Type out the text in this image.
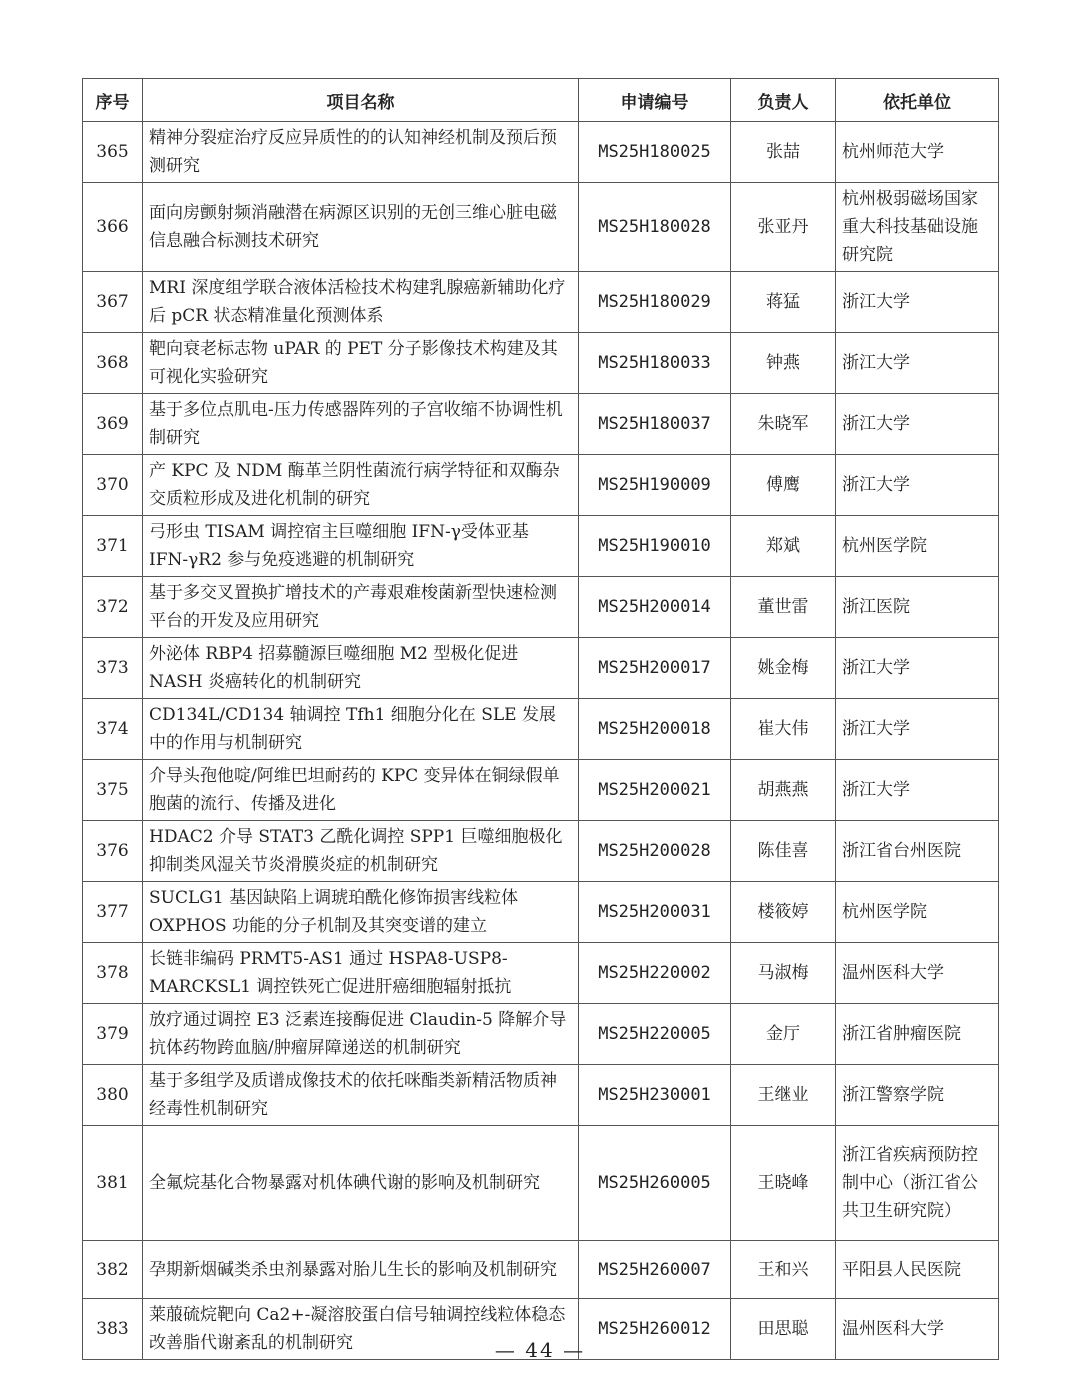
序号	项目名称	申请编号	负责人	依托单位
365	精神分裂症治疗反应异质性的的认知神经机制及预后预测研究	MS25H180025	张喆	杭州师范大学
366	面向房颤射频消融潜在病源区识别的无创三维心脏电磁信息融合标测技术研究	MS25H180028	张亚丹	杭州极弱磁场国家重大科技基础设施研究院
367	MRI 深度组学联合液体活检技术构建乳腺癌新辅助化疗后 pCR 状态精准量化预测体系	MS25H180029	蒋猛	浙江大学
368	靶向衰老标志物 uPAR 的 PET 分子影像技术构建及其可视化实验研究	MS25H180033	钟燕	浙江大学
369	基于多位点肌电-压力传感器阵列的子宫收缩不协调性机制研究	MS25H180037	朱晓军	浙江大学
370	产 KPC 及 NDM 酶革兰阴性菌流行病学特征和双酶杂交质粒形成及进化机制的研究	MS25H190009	傅鹰	浙江大学
371	弓形虫 TISAM 调控宿主巨噬细胞 IFN-γ受体亚基 IFN-γR2 参与免疫逃避的机制研究	MS25H190010	郑斌	杭州医学院
372	基于多交叉置换扩增技术的产毒艰难梭菌新型快速检测平台的开发及应用研究	MS25H200014	董世雷	浙江医院
373	外泌体 RBP4 招募髓源巨噬细胞 M2 型极化促进 NASH 炎癌转化的机制研究	MS25H200017	姚金梅	浙江大学
374	CD134L/CD134 轴调控 Tfh1 细胞分化在 SLE 发展中的作用与机制研究	MS25H200018	崔大伟	浙江大学
375	介导头孢他啶/阿维巴坦耐药的 KPC 变异体在铜绿假单胞菌的流行、传播及进化	MS25H200021	胡燕燕	浙江大学
376	HDAC2 介导 STAT3 乙酰化调控 SPP1 巨噬细胞极化抑制类风湿关节炎滑膜炎症的机制研究	MS25H200028	陈佳喜	浙江省台州医院
377	SUCLG1 基因缺陷上调琥珀酰化修饰损害线粒体 OXPHOS 功能的分子机制及其突变谱的建立	MS25H200031	楼筱婷	杭州医学院
378	长链非编码 PRMT5-AS1 通过 HSPA8-USP8-MARCKSL1 调控铁死亡促进肝癌细胞辐射抵抗	MS25H220002	马淑梅	温州医科大学
379	放疗通过调控 E3 泛素连接酶促进 Claudin-5 降解介导抗体药物跨血脑/肿瘤屏障递送的机制研究	MS25H220005	金厅	浙江省肿瘤医院
380	基于多组学及质谱成像技术的依托咪酯类新精活物质神经毒性机制研究	MS25H230001	王继业	浙江警察学院
381	全氟烷基化合物暴露对机体碘代谢的影响及机制研究	MS25H260005	王晓峰	浙江省疾病预防控制中心（浙江省公共卫生研究院）
382	孕期新烟碱类杀虫剂暴露对胎儿生长的影响及机制研究	MS25H260007	王和兴	平阳县人民医院
383	莱菔硫烷靶向 Ca2+-凝溶胶蛋白信号轴调控线粒体稳态改善脂代谢紊乱的机制研究	MS25H260012	田思聪	温州医科大学
— 44 —
